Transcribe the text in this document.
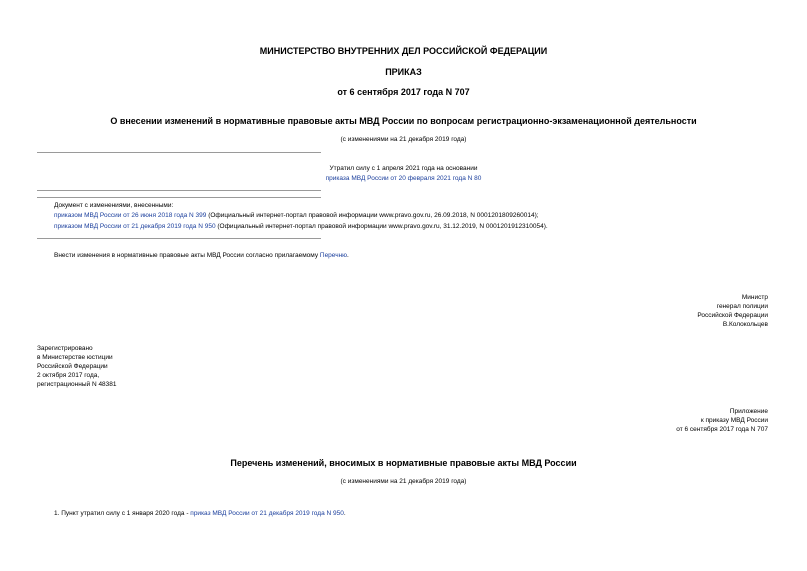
МИНИСТЕРСТВО ВНУТРЕННИХ ДЕЛ РОССИЙСКОЙ ФЕДЕРАЦИИ
ПРИКАЗ
от 6 сентября 2017 года N 707
О внесении изменений в нормативные правовые акты МВД России по вопросам регистрационно-экзаменационной деятельности
(с изменениями на 21 декабря 2019 года)
Утратил силу с 1 апреля 2021 года на основании
приказа МВД России от 20 февраля 2021 года N 80
Документ с изменениями, внесенными:
приказом МВД России от 26 июня 2018 года N 399 (Официальный интернет-портал правовой информации www.pravo.gov.ru, 26.09.2018, N 0001201809260014);
приказом МВД России от 21 декабря 2019 года N 950 (Официальный интернет-портал правовой информации www.pravo.gov.ru, 31.12.2019, N 0001201912310054).
Внести изменения в нормативные правовые акты МВД России согласно прилагаемому Перечню.
Министр
генерал полиции
Российской Федерации
В.Колокольцев
Зарегистрировано
в Министерстве юстиции
Российской Федерации
2 октября 2017 года,
регистрационный N 48381
Приложение
к приказу МВД России
от 6 сентября 2017 года N 707
Перечень изменений, вносимых в нормативные правовые акты МВД России
(с изменениями на 21 декабря 2019 года)
1. Пункт утратил силу с 1 января 2020 года - приказ МВД России от 21 декабря 2019 года N 950.
